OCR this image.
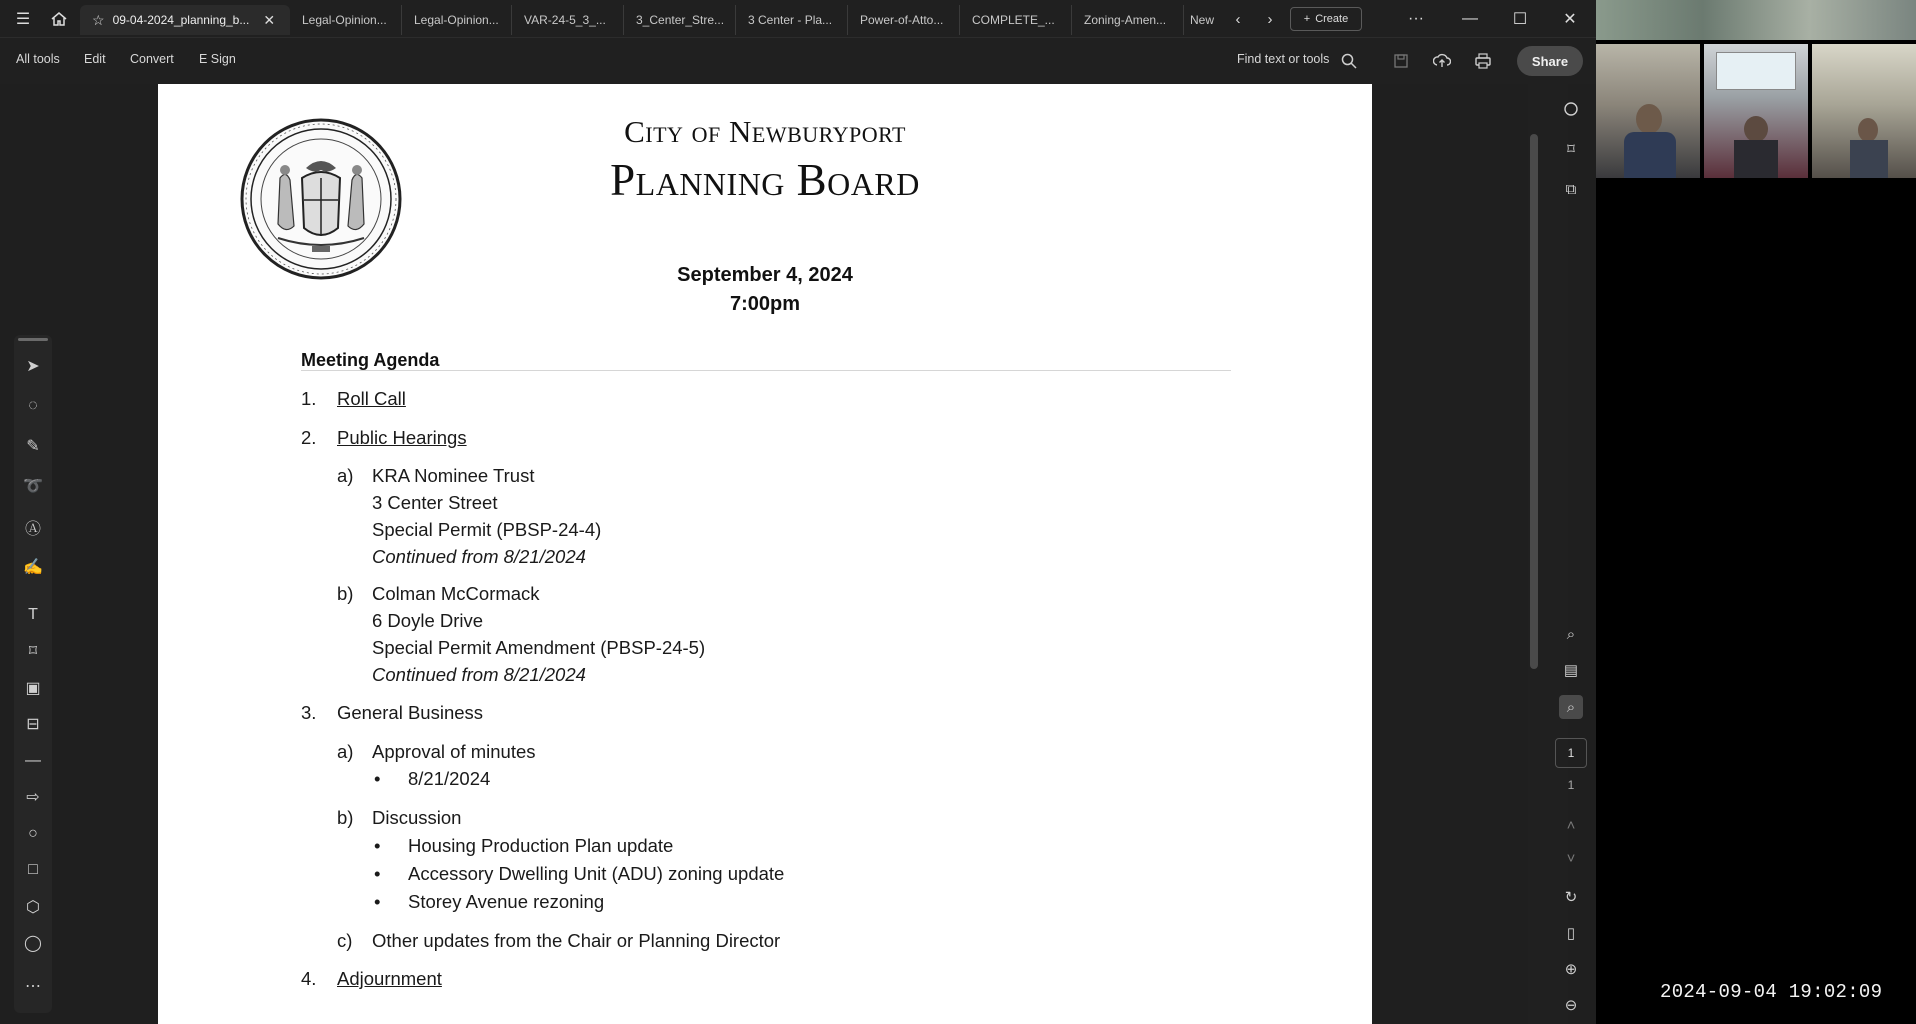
☰	☆ 09-04-2024_planning_b... ✕ Legal-Opinion... Legal-Opinion... VAR-24-5_3_...	3_Center_Stre... 3 Center - Pla... Power-of-Atto... COMPLETE_... Zoning-Amen... New	‹	›	+ Create	···	—	☐	✕
All tools Edit Convert E Sign	Find text or tools	Share
➤
◌
✎
➰
Ⓐ
✍
T
⌑
▣
⊟
—
⇨
○
□
⬡
◯
⋯
City of Newburyport
Planning Board
September 4, 2024
7:00pm
Meeting Agenda
1. Roll Call
2. Public Hearings
a) KRA Nominee Trust
3 Center Street
Special Permit (PBSP-24-4)
Continued from 8/21/2024
b) Colman McCormack
6 Doyle Drive
Special Permit Amendment (PBSP-24-5)
Continued from 8/21/2024
3. General Business
a) Approval of minutes
• 8/21/2024
b) Discussion
• Housing Production Plan update
• Accessory Dwelling Unit (ADU) zoning update
• Storey Avenue rezoning
c) Other updates from the Chair or Planning Director
4. Adjournment
⌑
⧉
⌕
▤
⌕
1
1
˄
˅
↻
▯
⊕
⊖
2024-09-04 19:02:09
